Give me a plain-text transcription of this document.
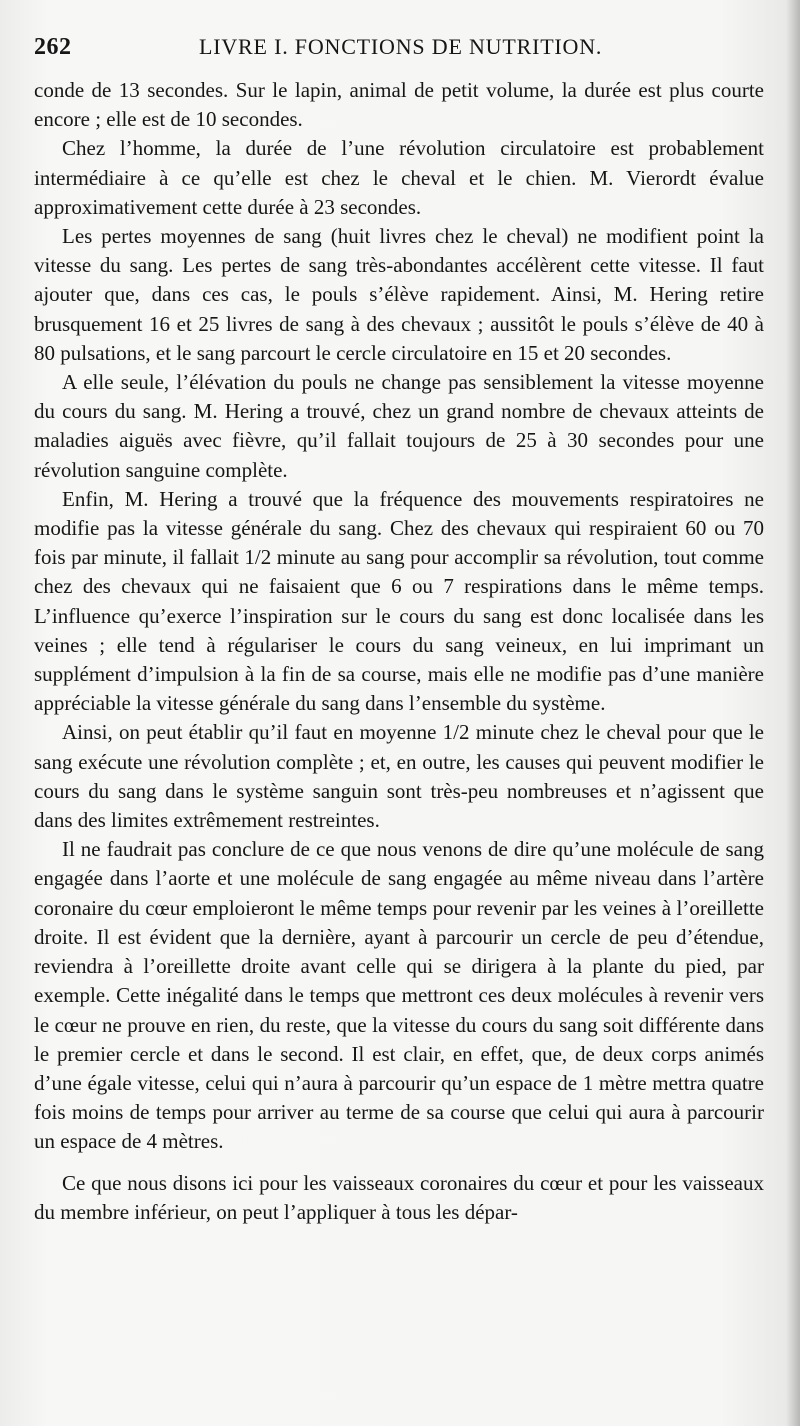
262	LIVRE I. FONCTIONS DE NUTRITION.

conde de 13 secondes. Sur le lapin, animal de petit volume, la durée est plus courte encore ; elle est de 10 secondes.

Chez l’homme, la durée de l’une révolution circulatoire est probablement intermédiaire à ce qu’elle est chez le cheval et le chien. M. Vierordt évalue approximativement cette durée à 23 secondes.

Les pertes moyennes de sang (huit livres chez le cheval) ne modifient point la vitesse du sang. Les pertes de sang très-abondantes accélèrent cette vitesse. Il faut ajouter que, dans ces cas, le pouls s’élève rapidement. Ainsi, M. Hering retire brusquement 16 et 25 livres de sang à des chevaux ; aussitôt le pouls s’élève de 40 à 80 pulsations, et le sang parcourt le cercle circulatoire en 15 et 20 secondes.

A elle seule, l’élévation du pouls ne change pas sensiblement la vitesse moyenne du cours du sang. M. Hering a trouvé, chez un grand nombre de chevaux atteints de maladies aiguës avec fièvre, qu’il fallait toujours de 25 à 30 secondes pour une révolution sanguine complète.

Enfin, M. Hering a trouvé que la fréquence des mouvements respiratoires ne modifie pas la vitesse générale du sang. Chez des chevaux qui respiraient 60 ou 70 fois par minute, il fallait 1/2 minute au sang pour accomplir sa révolution, tout comme chez des chevaux qui ne faisaient que 6 ou 7 respirations dans le même temps. L’influence qu’exerce l’inspiration sur le cours du sang est donc localisée dans les veines ; elle tend à régulariser le cours du sang veineux, en lui imprimant un supplément d’impulsion à la fin de sa course, mais elle ne modifie pas d’une manière appréciable la vitesse générale du sang dans l’ensemble du système.

Ainsi, on peut établir qu’il faut en moyenne 1/2 minute chez le cheval pour que le sang exécute une révolution complète ; et, en outre, les causes qui peuvent modifier le cours du sang dans le système sanguin sont très-peu nombreuses et n’agissent que dans des limites extrêmement restreintes.

Il ne faudrait pas conclure de ce que nous venons de dire qu’une molécule de sang engagée dans l’aorte et une molécule de sang engagée au même niveau dans l’artère coronaire du cœur emploieront le même temps pour revenir par les veines à l’oreillette droite. Il est évident que la dernière, ayant à parcourir un cercle de peu d’étendue, reviendra à l’oreillette droite avant celle qui se dirigera à la plante du pied, par exemple. Cette inégalité dans le temps que mettront ces deux molécules à revenir vers le cœur ne prouve en rien, du reste, que la vitesse du cours du sang soit différente dans le premier cercle et dans le second. Il est clair, en effet, que, de deux corps animés d’une égale vitesse, celui qui n’aura à parcourir qu’un espace de 1 mètre mettra quatre fois moins de temps pour arriver au terme de sa course que celui qui aura à parcourir un espace de 4 mètres.

Ce que nous disons ici pour les vaisseaux coronaires du cœur et pour les vaisseaux du membre inférieur, on peut l’appliquer à tous les dépar-
